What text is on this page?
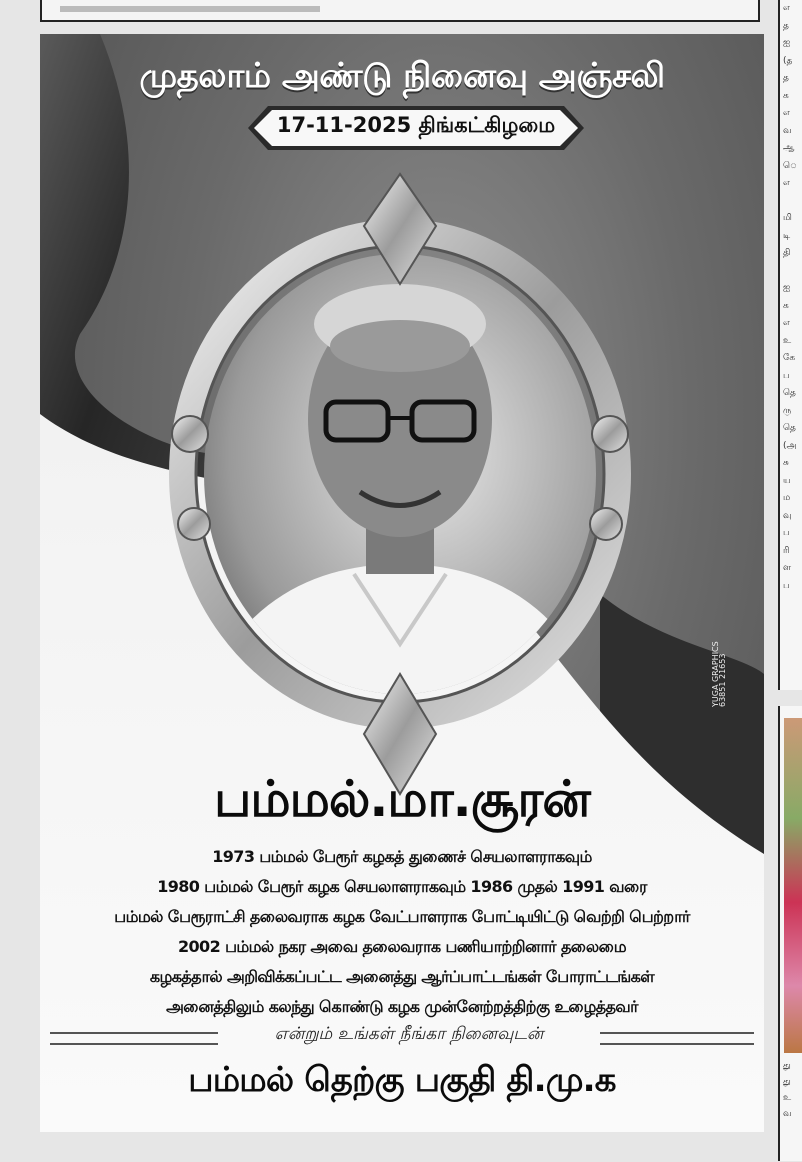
எ
த
ஐ
(த
த
க
எ
வ
ஆ
ெ
எ

மி
டி
தி

ஐ
க
எ
உ
கே
ப
தெ
ரு
தெ
(அ
சு
ய
ம
வு
ப
ரி
ள
ப
து
து
உ
வ
முதலாம் அண்டு நினைவு அஞ்சலி
17-11-2025 திங்கட்கிழமை
YUGA GRAPHICS
63851 21653
பம்மல்.மா.சூரன்
1973 பம்மல் பேரூர் கழகத் துணைச் செயலாளராகவும்
1980 பம்மல் பேரூர் கழக செயலாளராகவும் 1986 முதல் 1991 வரை
பம்மல் பேரூராட்சி தலைவராக கழக வேட்பாளராக போட்டியிட்டு வெற்றி பெற்றார்
2002 பம்மல் நகர அவை தலைவராக பணியாற்றினார் தலைமை
கழகத்தால் அறிவிக்கப்பட்ட அனைத்து ஆர்ப்பாட்டங்கள் போராட்டங்கள்
அனைத்திலும் கலந்து கொண்டு கழக முன்னேற்றத்திற்கு உழைத்தவர்
என்றும் உங்கள் நீங்கா நினைவுடன்
பம்மல் தெற்கு பகுதி தி.மு.க
